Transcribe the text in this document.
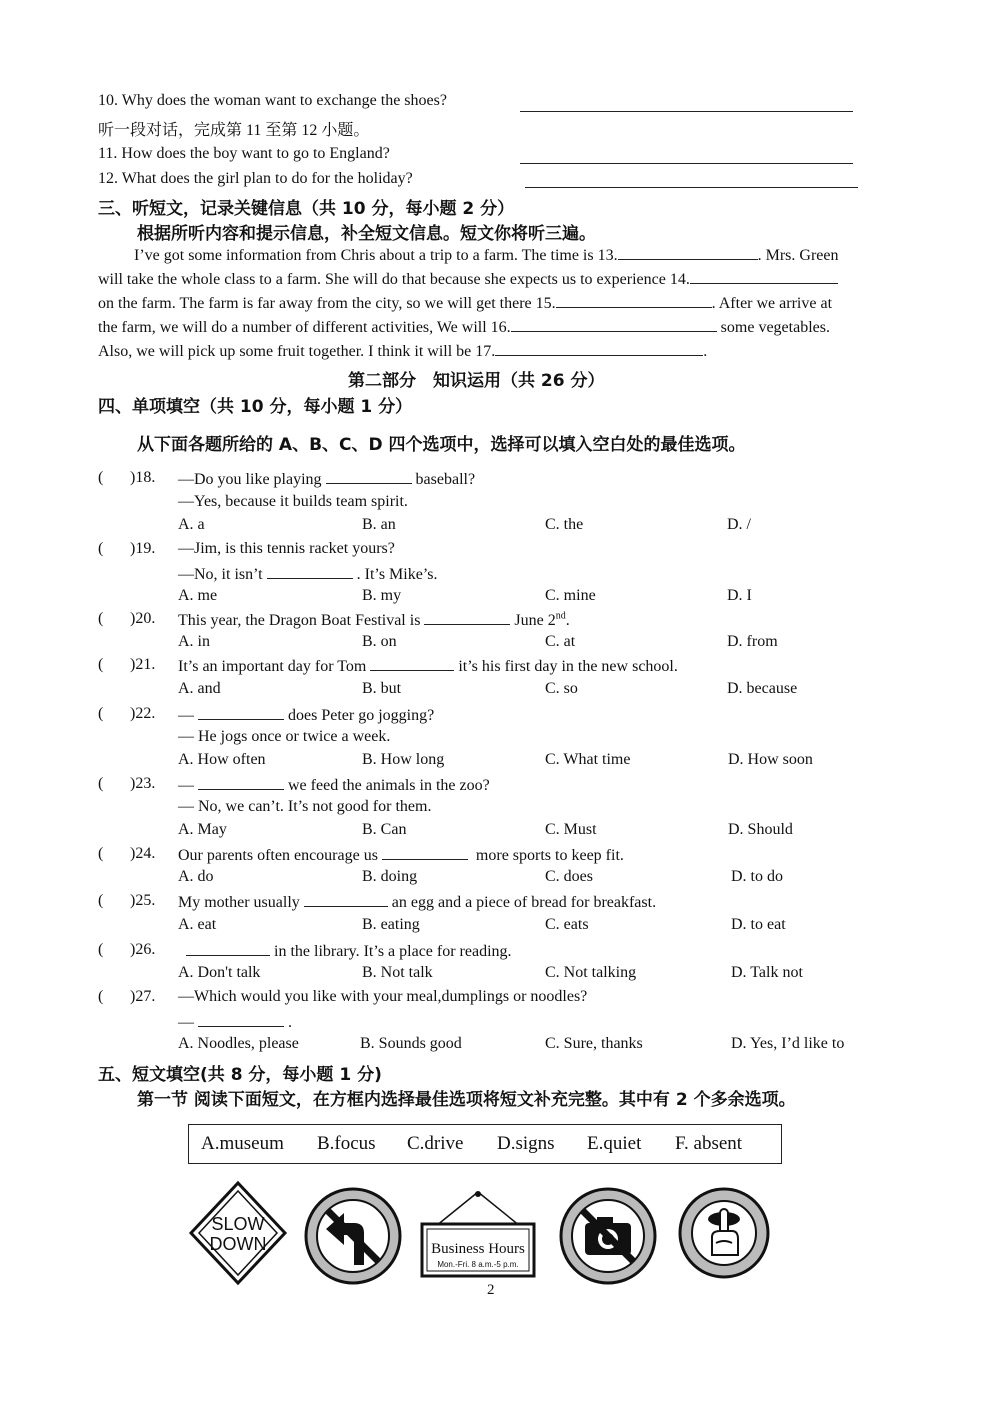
10. Why does the woman want to exchange the shoes?
听一段对话，完成第 11 至第 12 小题。
11. How does the boy want to go to England?
12. What does the girl plan to do for the holiday?
三、听短文，记录关键信息（共 10 分，每小题 2 分）
根据所听内容和提示信息，补全短文信息。短文你将听三遍。
I’ve got some information from Chris about a trip to a farm. The time is 13.	. Mrs. Green
will take the whole class to a farm. She will do that because she expects us to experience 14.
on the farm. The farm is far away from the city, so we will get there 15.	. After we arrive at
the farm, we will do a number of different activities, We will 16.	some vegetables.
Also, we will pick up some fruit together. I think it will be 17.	.
第二部分　知识运用（共 26 分）
四、单项填空（共 10 分，每小题 1 分）
从下面各题所给的 A、B、C、D 四个选项中，选择可以填入空白处的最佳选项。
( )18. —Do you like playing	baseball?
—Yes, because it builds team spirit.
A. a	B. an	C. the	D. /
( )19. —Jim, is this tennis racket yours?
—No, it isn’t	. It’s Mike’s.
A. me	B. my	C. mine	D. I
( )20. This year, the Dragon Boat Festival is	June 2nd.
A. in	B. on	C. at	D. from
( )21. It’s an important day for Tom	it’s his first day in the new school.
A. and	B. but	C. so	D. because
( )22. —	does Peter go jogging?
— He jogs once or twice a week.
A. How often	B. How long	C. What time	D. How soon
( )23. —	we feed the animals in the zoo?
— No, we can’t. It’s not good for them.
A. May	B. Can	C. Must	D. Should
( )24. Our parents often encourage us	more sports to keep fit.
A. do	B. doing	C. does	D. to do
( )25. My mother usually	an egg and a piece of bread for breakfast.
A. eat	B. eating	C. eats	D. to eat
( )26.	in the library. It’s a place for reading.
A. Don't talk	B. Not talk	C. Not talking	D. Talk not
( )27. —Which would you like with your meal,dumplings or noodles?
—	.
A. Noodles, please	B. Sounds good	C. Sure, thanks	D. Yes, I’d like to
五、短文填空(共 8 分，每小题 1 分)
第一节 阅读下面短文，在方框内选择最佳选项将短文补充完整。其中有 2 个多余选项。
A.museum B.focus C.drive D.signs E.quiet F. absent
SLOW
DOWN	Business Hours
Mon.-Fri. 8 a.m.-5 p.m.
2
